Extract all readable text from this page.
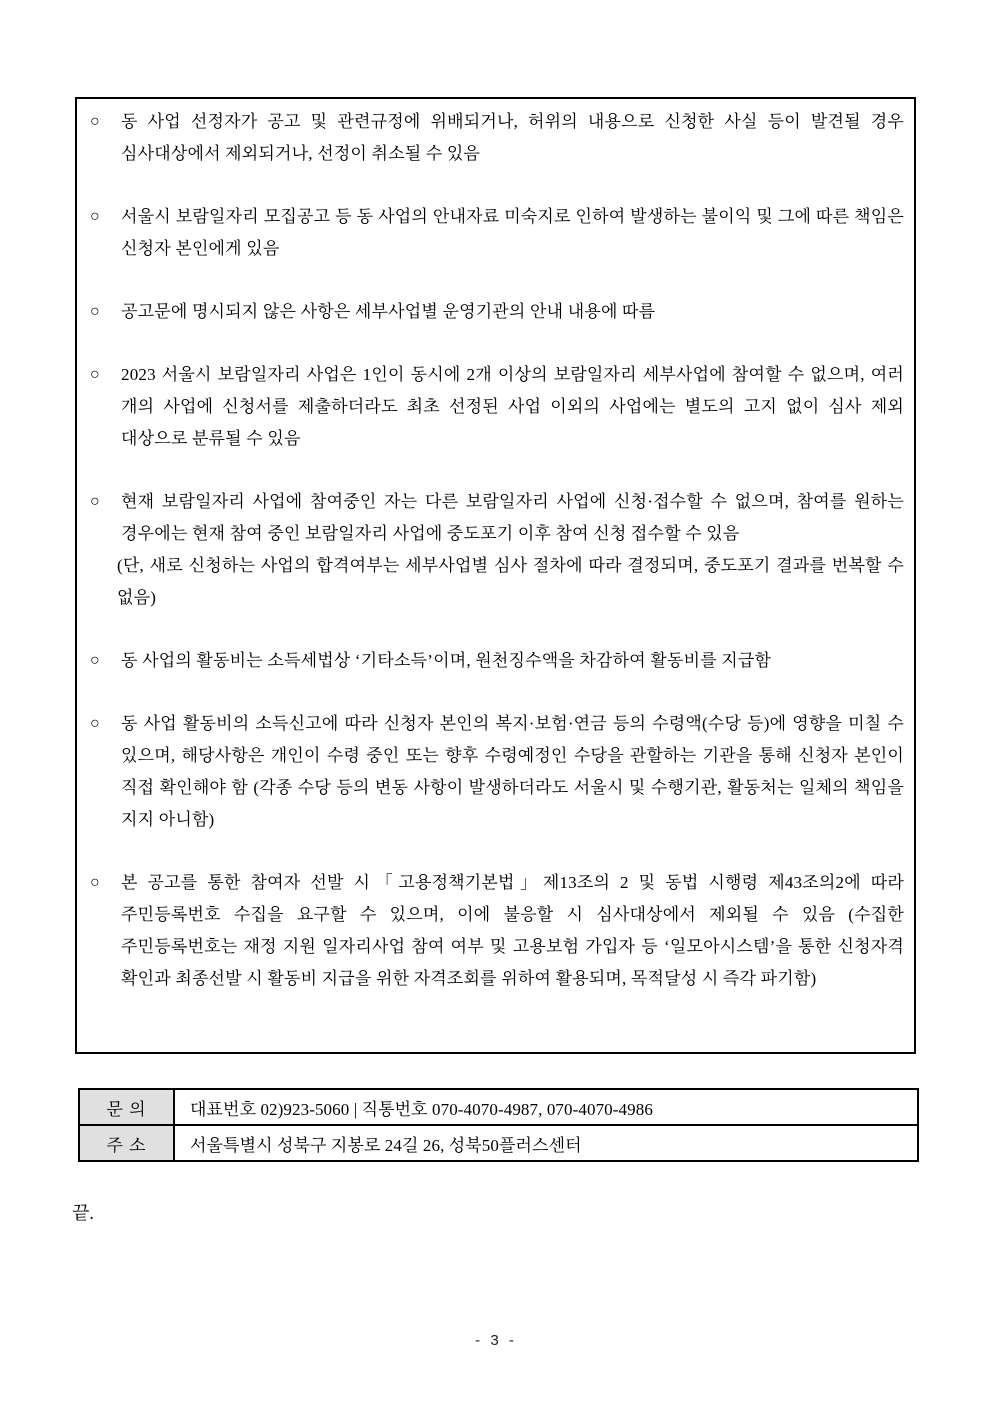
○ 동 사업 선정자가 공고 및 관련규정에 위배되거나, 허위의 내용으로 신청한 사실 등이 발견될 경우 심사대상에서 제외되거나, 선정이 취소될 수 있음
○ 서울시 보람일자리 모집공고 등 동 사업의 안내자료 미숙지로 인하여 발생하는 불이익 및 그에 따른 책임은 신청자 본인에게 있음
○ 공고문에 명시되지 않은 사항은 세부사업별 운영기관의 안내 내용에 따름
○ 2023 서울시 보람일자리 사업은 1인이 동시에 2개 이상의 보람일자리 세부사업에 참여할 수 없으며, 여러 개의 사업에 신청서를 제출하더라도 최초 선정된 사업 이외의 사업에는 별도의 고지 없이 심사 제외 대상으로 분류될 수 있음
○ 현재 보람일자리 사업에 참여중인 자는 다른 보람일자리 사업에 신청·접수할 수 없으며, 참여를 원하는 경우에는 현재 참여 중인 보람일자리 사업에 중도포기 이후 참여 신청 접수할 수 있음
(단, 새로 신청하는 사업의 합격여부는 세부사업별 심사 절차에 따라 결정되며, 중도포기 결과를 번복할 수 없음)
○ 동 사업의 활동비는 소득세법상 ‘기타소득’이며, 원천징수액을 차감하여 활동비를 지급함
○ 동 사업 활동비의 소득신고에 따라 신청자 본인의 복지·보험·연금 등의 수령액(수당 등)에 영향을 미칠 수 있으며, 해당사항은 개인이 수령 중인 또는 향후 수령예정인 수당을 관할하는 기관을 통해 신청자 본인이 직접 확인해야 함 (각종 수당 등의 변동 사항이 발생하더라도 서울시 및 수행기관, 활동처는 일체의 책임을 지지 아니함)
○ 본 공고를 통한 참여자 선발 시「고용정책기본법」제13조의 2 및 동법 시행령 제43조의2에 따라 주민등록번호 수집을 요구할 수 있으며, 이에 불응할 시 심사대상에서 제외될 수 있음 (수집한 주민등록번호는 재정 지원 일자리사업 참여 여부 및 고용보험 가입자 등 ‘일모아시스템’을 통한 신청자격 확인과 최종선발 시 활동비 지급을 위한 자격조회를 위하여 활용되며, 목적달성 시 즉각 파기함)
문 의	대표번호 02)923-5060 | 직통번호 070-4070-4987, 070-4070-4986
주 소	서울특별시 성북구 지봉로 24길 26, 성북50플러스센터
끝.
- 3 -
